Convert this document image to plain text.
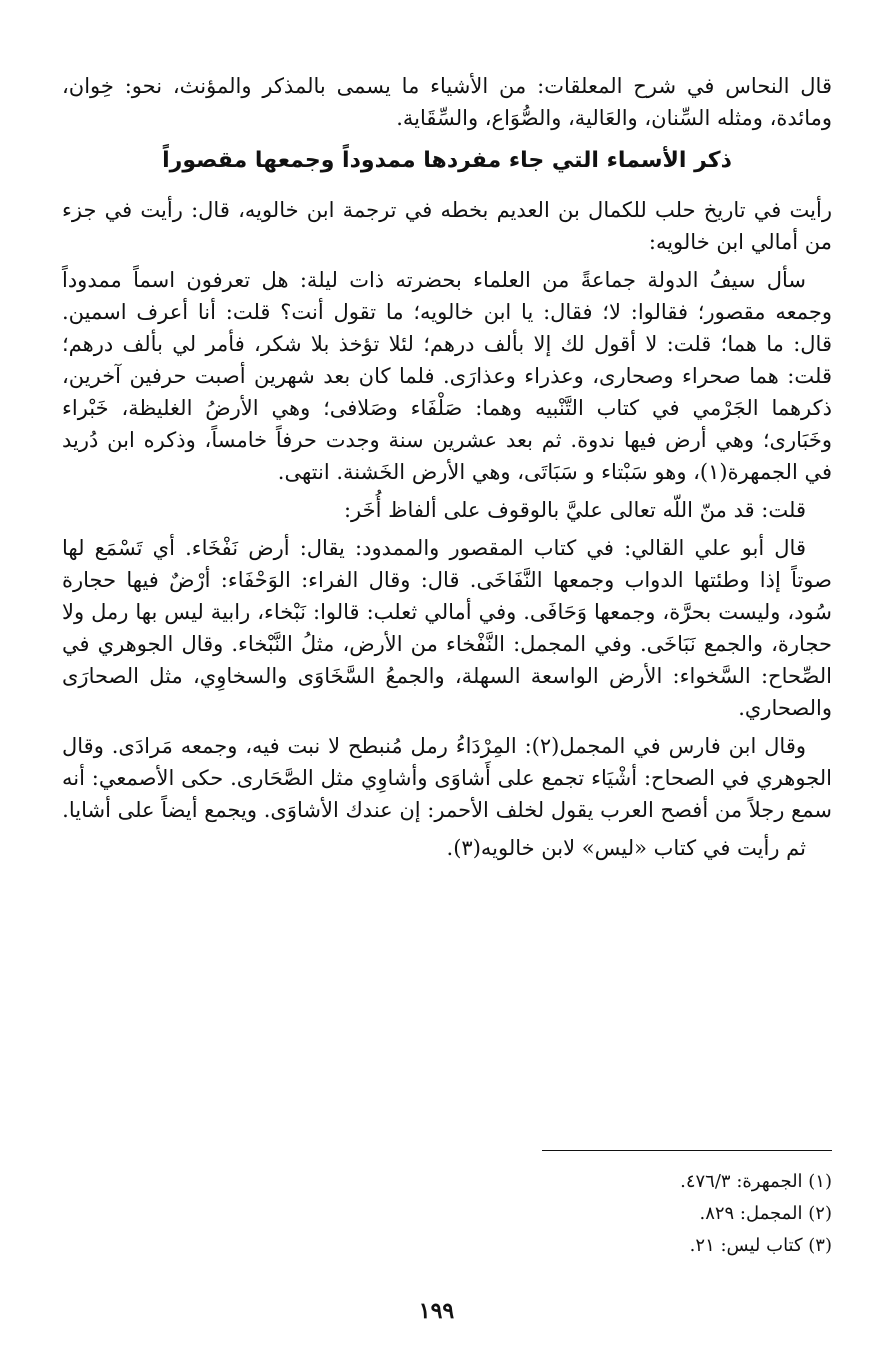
قال النحاس في شرح المعلقات: من الأشياء ما يسمى بالمذكر والمؤنث، نحو: خِوان، ومائدة، ومثله السِّنان، والعَالية، والصُّوَاع، والسِّقَاية.

ذكر الأسماء التي جاء مفردها ممدوداً وجمعها مقصوراً

رأيت في تاريخ حلب للكمال بن العديم بخطه في ترجمة ابن خالويه، قال: رأيت في جزء من أمالي ابن خالويه:

سأل سيفُ الدولة جماعةً من العلماء بحضرته ذات ليلة: هل تعرفون اسماً ممدوداً وجمعه مقصور؛ فقالوا: لا؛ فقال: يا ابن خالويه؛ ما تقول أنت؟ قلت: أنا أعرف اسمين. قال: ما هما؛ قلت: لا أقول لك إلا بألف درهم؛ لئلا تؤخذ بلا شكر، فأمر لي بألف درهم؛ قلت: هما صحراء وصحارى، وعذراء وعذارَى. فلما كان بعد شهرين أصبت حرفين آخرين، ذكرهما الجَرْمي في كتاب التَّنْبيه وهما: صَلْفَاء وصَلافى؛ وهي الأرضُ الغليظة، خَبْراء وخَبَارى؛ وهي أرض فيها ندوة. ثم بعد عشرين سنة وجدت حرفاً خامساً، وذكره ابن دُريد في الجمهرة(١)، وهو سَبْتاء و سَبَاتَى، وهي الأرض الخَشنة. انتهى.

قلت: قد منّ اللّه تعالى عليَّ بالوقوف على ألفاظ أُخَر:

قال أبو علي القالي: في كتاب المقصور والممدود: يقال: أرض نَفْخَاء. أي تَسْمَع لها صوتاً إذا وطئتها الدواب وجمعها النَّفَاخَى. قال: وقال الفراء: الوَحْفَاء: أرْضٌ فيها حجارة سُود، وليست بحرَّة، وجمعها وَحَافَى. وفي أمالي ثعلب: قالوا: نَبْخاء، رابية ليس بها رمل ولا حجارة، والجمع نَبَاخَى. وفي المجمل: النَّفْخاء من الأرض، مثلُ النَّبْخاء. وقال الجوهري في الصِّحاح: السَّخواء: الأرض الواسعة السهلة، والجمعُ السَّخَاوَى والسخاوِي، مثل الصحارَى والصحاري.

وقال ابن فارس في المجمل(٢): المِرْدَاءُ رمل مُنبطح لا نبت فيه، وجمعه مَرادَى. وقال الجوهري في الصحاح: أشْيَاء تجمع على أَشاوَى وأشاوِي مثل الصَّحَارى. حكى الأصمعي: أنه سمع رجلاً من أفصح العرب يقول لخلف الأحمر: إن عندك الأشاوَى. ويجمع أيضاً على أشايا.

ثم رأيت في كتاب «ليس» لابن خالويه(٣).

(١) الجمهرة: ٤٧٦/٣.

(٢) المجمل: ٨٢٩.

(٣) كتاب ليس: ٢١.

١٩٩
